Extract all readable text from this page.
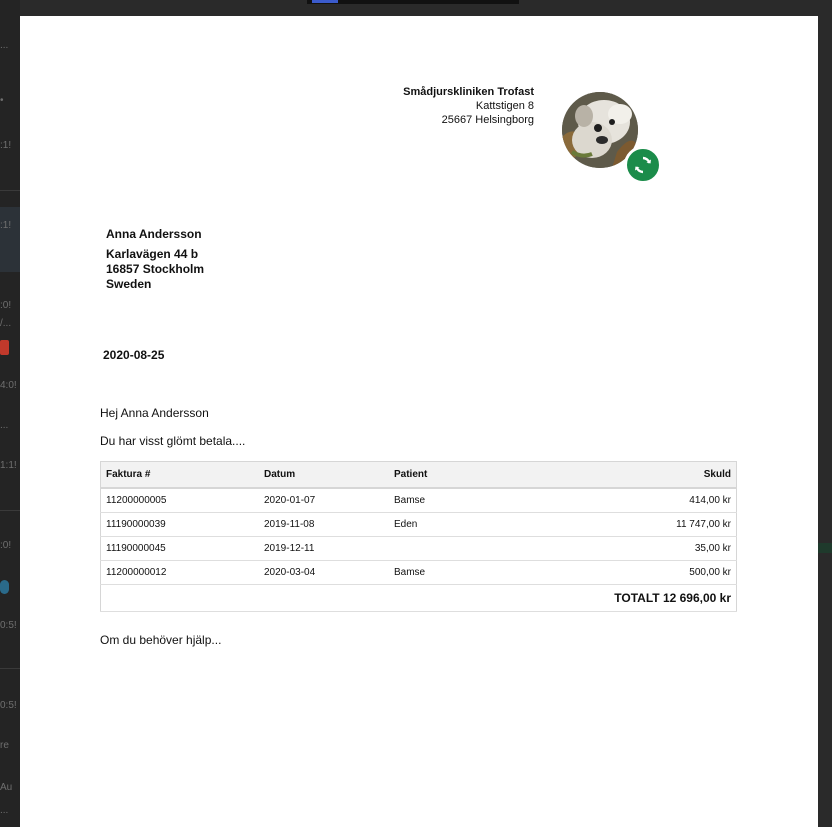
...
•
:1!
:1!
:0!
/...
4:0!
...
1:1!
:0!
0:5!
0:5!
re
Au
...
Smådjurskliniken Trofast
Kattstigen 8
25667 Helsingborg
Anna Andersson
Karlavägen 44 b
16857 Stockholm
Sweden
2020-08-25
Hej Anna Andersson
Du har visst glömt betala....
Faktura #	Datum	Patient	Skuld
11200000005	2020-01-07	Bamse	414,00 kr
11190000039	2019-11-08	Eden	11 747,00 kr
11190000045	2019-12-11		35,00 kr
11200000012	2020-03-04	Bamse	500,00 kr
TOTALT 12 696,00 kr			
Om du behöver hjälp...
